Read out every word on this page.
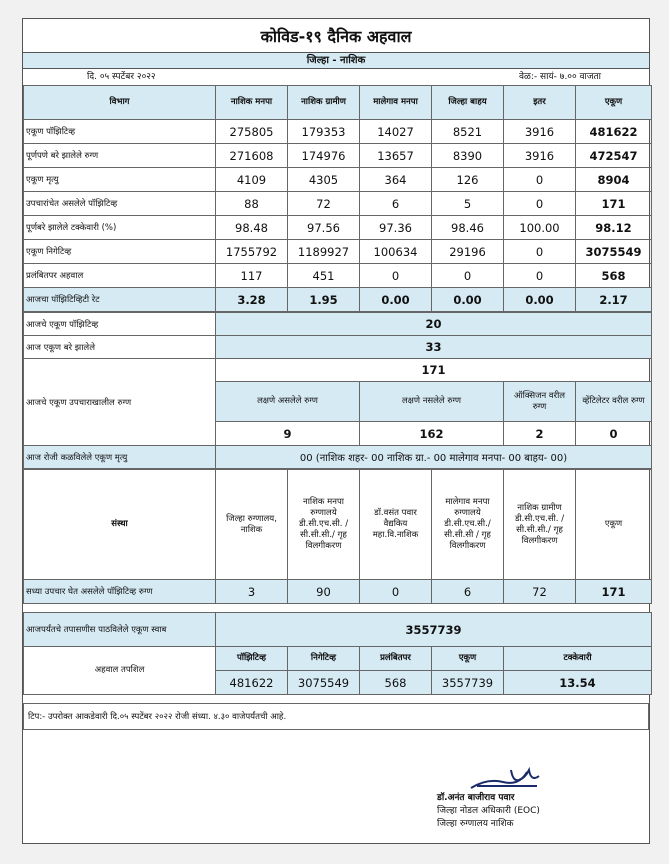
कोविड-१९ दैनिक अहवाल
जिल्हा - नाशिक
दि. ०५ स्पटेंबर २०२२	वेळ:- सायं- ७.०० वाजता
विभाग	नाशिक मनपा	नाशिक ग्रामीण	मालेगाव मनपा	जिल्हा बाहय	इतर	एकूण
एकूण पॉझिटिव्ह	275805	179353	14027	8521	3916	481622
पूर्णपणे बरे झालेले रुग्ण	271608	174976	13657	8390	3916	472547
एकूण मृत्यु	4109	4305	364	126	0	8904
उपचारांचेत असलेले पॉझिटिव्ह	88	72	6	5	0	171
पूर्णबरे झालेले टक्केवारी (%)	98.48	97.56	97.36	98.46	100.00	98.12
एकूण निगेटिव्ह	1755792	1189927	100634	29196	0	3075549
प्रलंबितपर अहवाल	117	451	0	0	0	568
आजचा पॉझिटिव्हिटी रेट	3.28	1.95	0.00	0.00	0.00	2.17
आजचे एकूण पॉझिटिव्ह	20			
आज एकूण बरे झालेले	33			
आजचे एकूण उपचाराखालील रुग्ण	171			
	लक्षणे असलेले रुग्ण	लक्षणे नसलेले रुग्ण	ऑक्सिजन वरील रुग्ण	व्हेंटिलेटर वरील रुग्ण
	9	162	2	0
आज रोजी कळविलेले एकूण मृत्यु	00 (नाशिक शहर- 00 नाशिक ग्रा.- 00 मालेगाव मनपा- 00 बाहय- 00)			
संस्था	जिल्हा रुग्णालय, नाशिक	नाशिक मनपा रुग्णालये डी.सी.एच.सी. / सी.सी.सी./ गृह विलगीकरण	डॉ.वसंत पवार वैद्यकिय महा.वि.नाशिक	मालेगाव मनपा रुग्णालये डी.सी.एच.सी./ सी.सी.सी / गृह विलगीकरण	नाशिक ग्रामीण डी.सी.एच.सी. /सी.सी.सी./ गृह विलगीकरण	एकूण
सध्या उपचार घेत असलेले पॉझिटिव्ह रुग्ण	3	90	0	6	72	171
आजपर्यंतचे तपासणीस पाठविलेले एकूण स्वाब	3557739				
अहवाल तपशिल	पॉझिटिव्ह	निगेटिव्ह	प्रलंबितपर	एकूण	टक्केवारी
	481622	3075549	568	3557739	13.54
टिप:- उपरोक्त आकडेवारी दि.०५ स्पटेंबर २०२२ रोजी संध्या. ४.३० वाजेपर्यंतची आहे.
डॉ.अनंत बाजीराव पवार
जिल्हा नोडल अधिकारी (EOC)
जिल्हा रुग्णालय नाशिक
